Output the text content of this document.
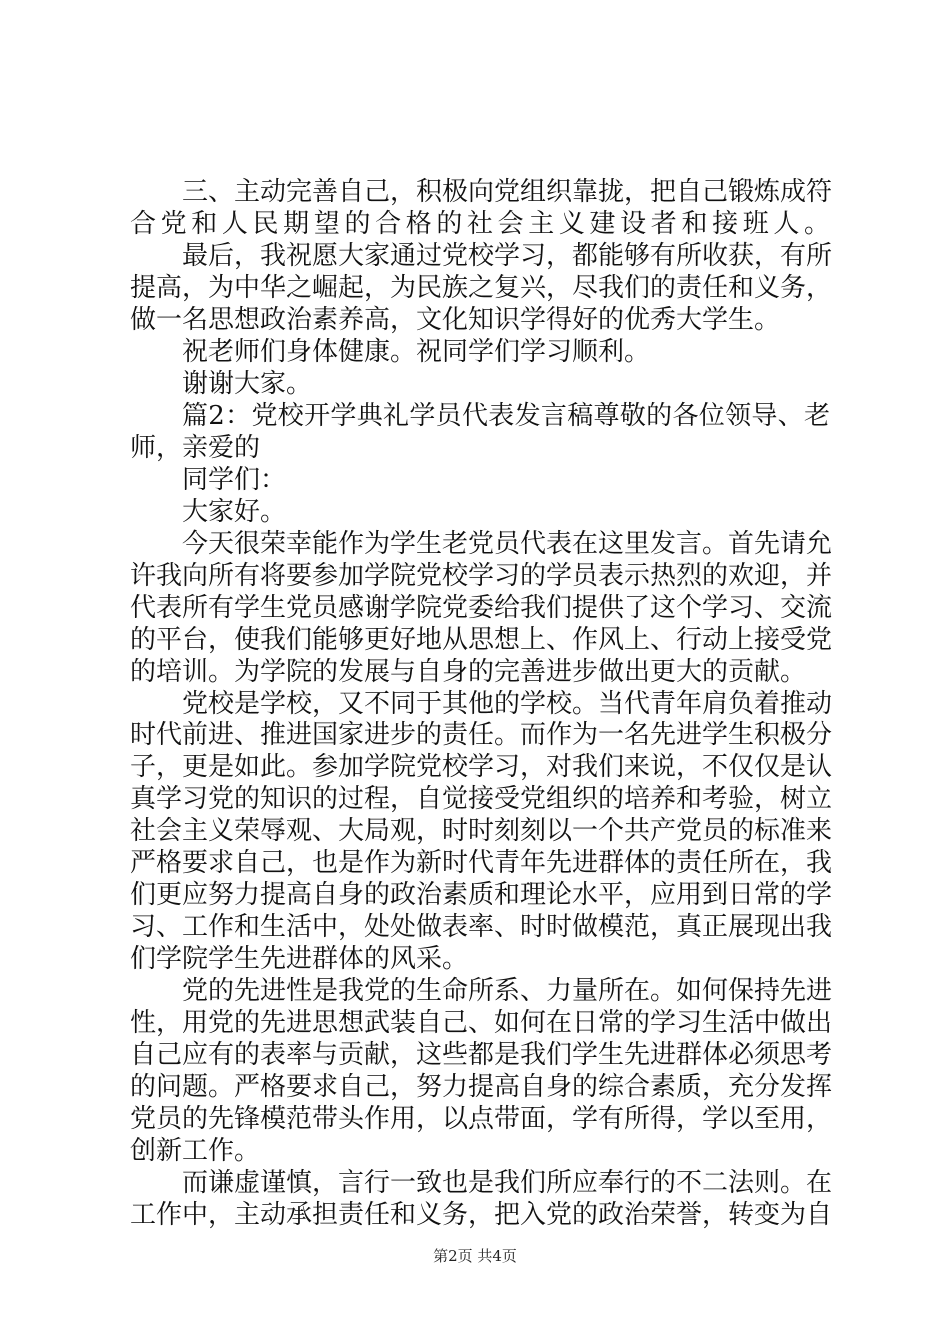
三、主动完善自己，积极向党组织靠拢，把自己锻炼成符
合党和人民期望的合格的社会主义建设者和接班人。
最后，我祝愿大家通过党校学习，都能够有所收获，有所
提高，为中华之崛起，为民族之复兴，尽我们的责任和义务，
做一名思想政治素养高，文化知识学得好的优秀大学生。
祝老师们身体健康。祝同学们学习顺利。
谢谢大家。
篇2：党校开学典礼学员代表发言稿尊敬的各位领导、老
师，亲爱的
同学们：
大家好。
今天很荣幸能作为学生老党员代表在这里发言。首先请允
许我向所有将要参加学院党校学习的学员表示热烈的欢迎，并
代表所有学生党员感谢学院党委给我们提供了这个学习、交流
的平台，使我们能够更好地从思想上、作风上、行动上接受党
的培训。为学院的发展与自身的完善进步做出更大的贡献。
党校是学校，又不同于其他的学校。当代青年肩负着推动
时代前进、推进国家进步的责任。而作为一名先进学生积极分
子，更是如此。参加学院党校学习，对我们来说，不仅仅是认
真学习党的知识的过程，自觉接受党组织的培养和考验，树立
社会主义荣辱观、大局观，时时刻刻以一个共产党员的标准来
严格要求自己，也是作为新时代青年先进群体的责任所在，我
们更应努力提高自身的政治素质和理论水平，应用到日常的学
习、工作和生活中，处处做表率、时时做模范，真正展现出我
们学院学生先进群体的风采。
党的先进性是我党的生命所系、力量所在。如何保持先进
性，用党的先进思想武装自己、如何在日常的学习生活中做出
自己应有的表率与贡献，这些都是我们学生先进群体必须思考
的问题。严格要求自己，努力提高自身的综合素质，充分发挥
党员的先锋模范带头作用，以点带面，学有所得，学以至用，
创新工作。
第2页 共4页
而谦虚谨慎，言行一致也是我们所应奉行的不二法则。在
工作中，主动承担责任和义务，把入党的政治荣誉，转变为自
